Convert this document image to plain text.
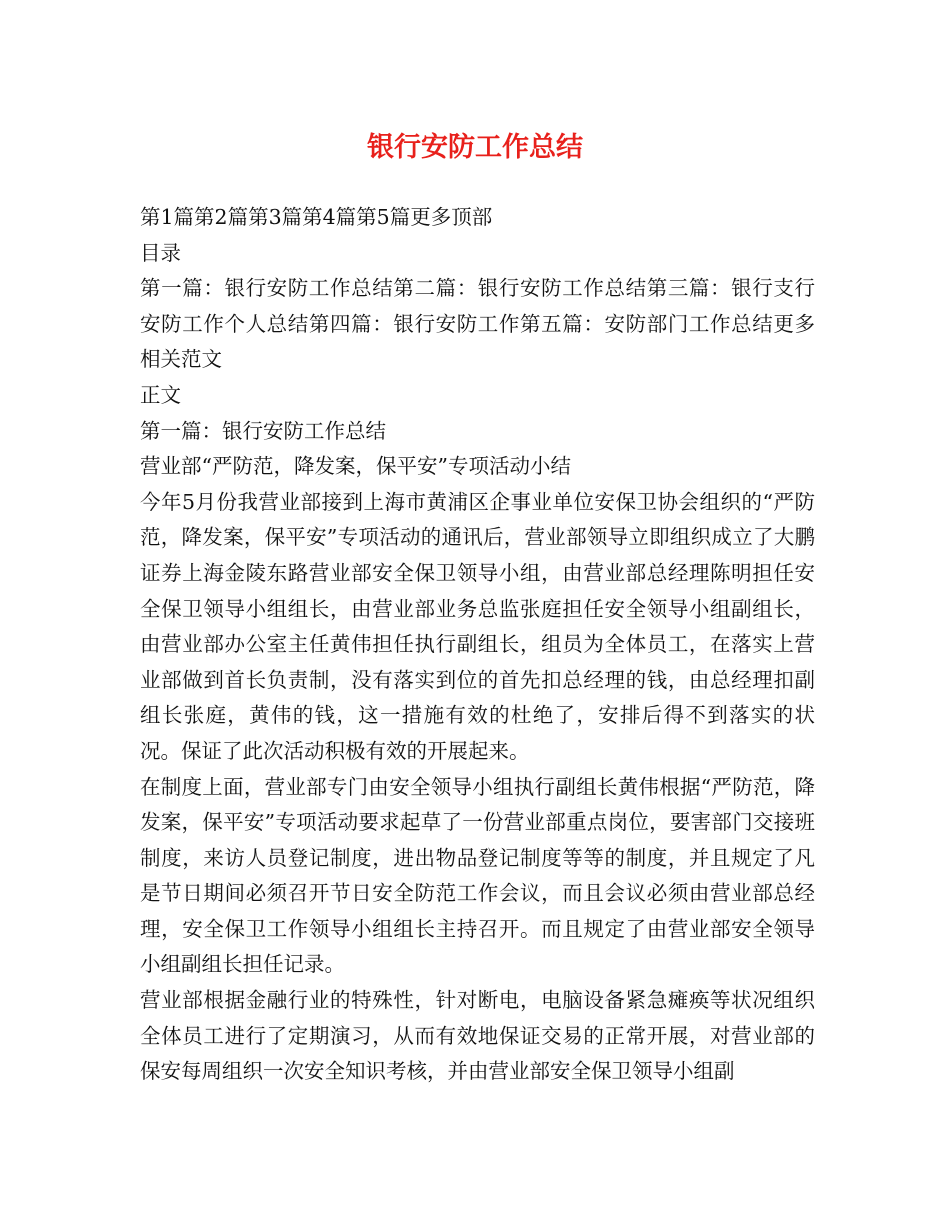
银行安防工作总结

第1篇第2篇第3篇第4篇第5篇更多顶部

目录

第一篇：银行安防工作总结第二篇：银行安防工作总结第三篇：银行支行安防工作个人总结第四篇：银行安防工作第五篇：安防部门工作总结更多相关范文

正文

第一篇：银行安防工作总结

营业部“严防范，降发案，保平安”专项活动小结

今年5月份我营业部接到上海市黄浦区企事业单位安保卫协会组织的“严防范，降发案，保平安”专项活动的通讯后，营业部领导立即组织成立了大鹏证券上海金陵东路营业部安全保卫领导小组，由营业部总经理陈明担任安全保卫领导小组组长，由营业部业务总监张庭担任安全领导小组副组长，由营业部办公室主任黄伟担任执行副组长，组员为全体员工，在落实上营业部做到首长负责制，没有落实到位的首先扣总经理的钱，由总经理扣副组长张庭，黄伟的钱，这一措施有效的杜绝了，安排后得不到落实的状况。保证了此次活动积极有效的开展起来。

在制度上面，营业部专门由安全领导小组执行副组长黄伟根据“严防范，降发案，保平安”专项活动要求起草了一份营业部重点岗位，要害部门交接班制度，来访人员登记制度，进出物品登记制度等等的制度，并且规定了凡是节日期间必须召开节日安全防范工作会议，而且会议必须由营业部总经理，安全保卫工作领导小组组长主持召开。而且规定了由营业部安全领导小组副组长担任记录。

营业部根据金融行业的特殊性，针对断电，电脑设备紧急瘫痪等状况组织全体员工进行了定期演习，从而有效地保证交易的正常开展，对营业部的保安每周组织一次安全知识考核，并由营业部安全保卫领导小组副
